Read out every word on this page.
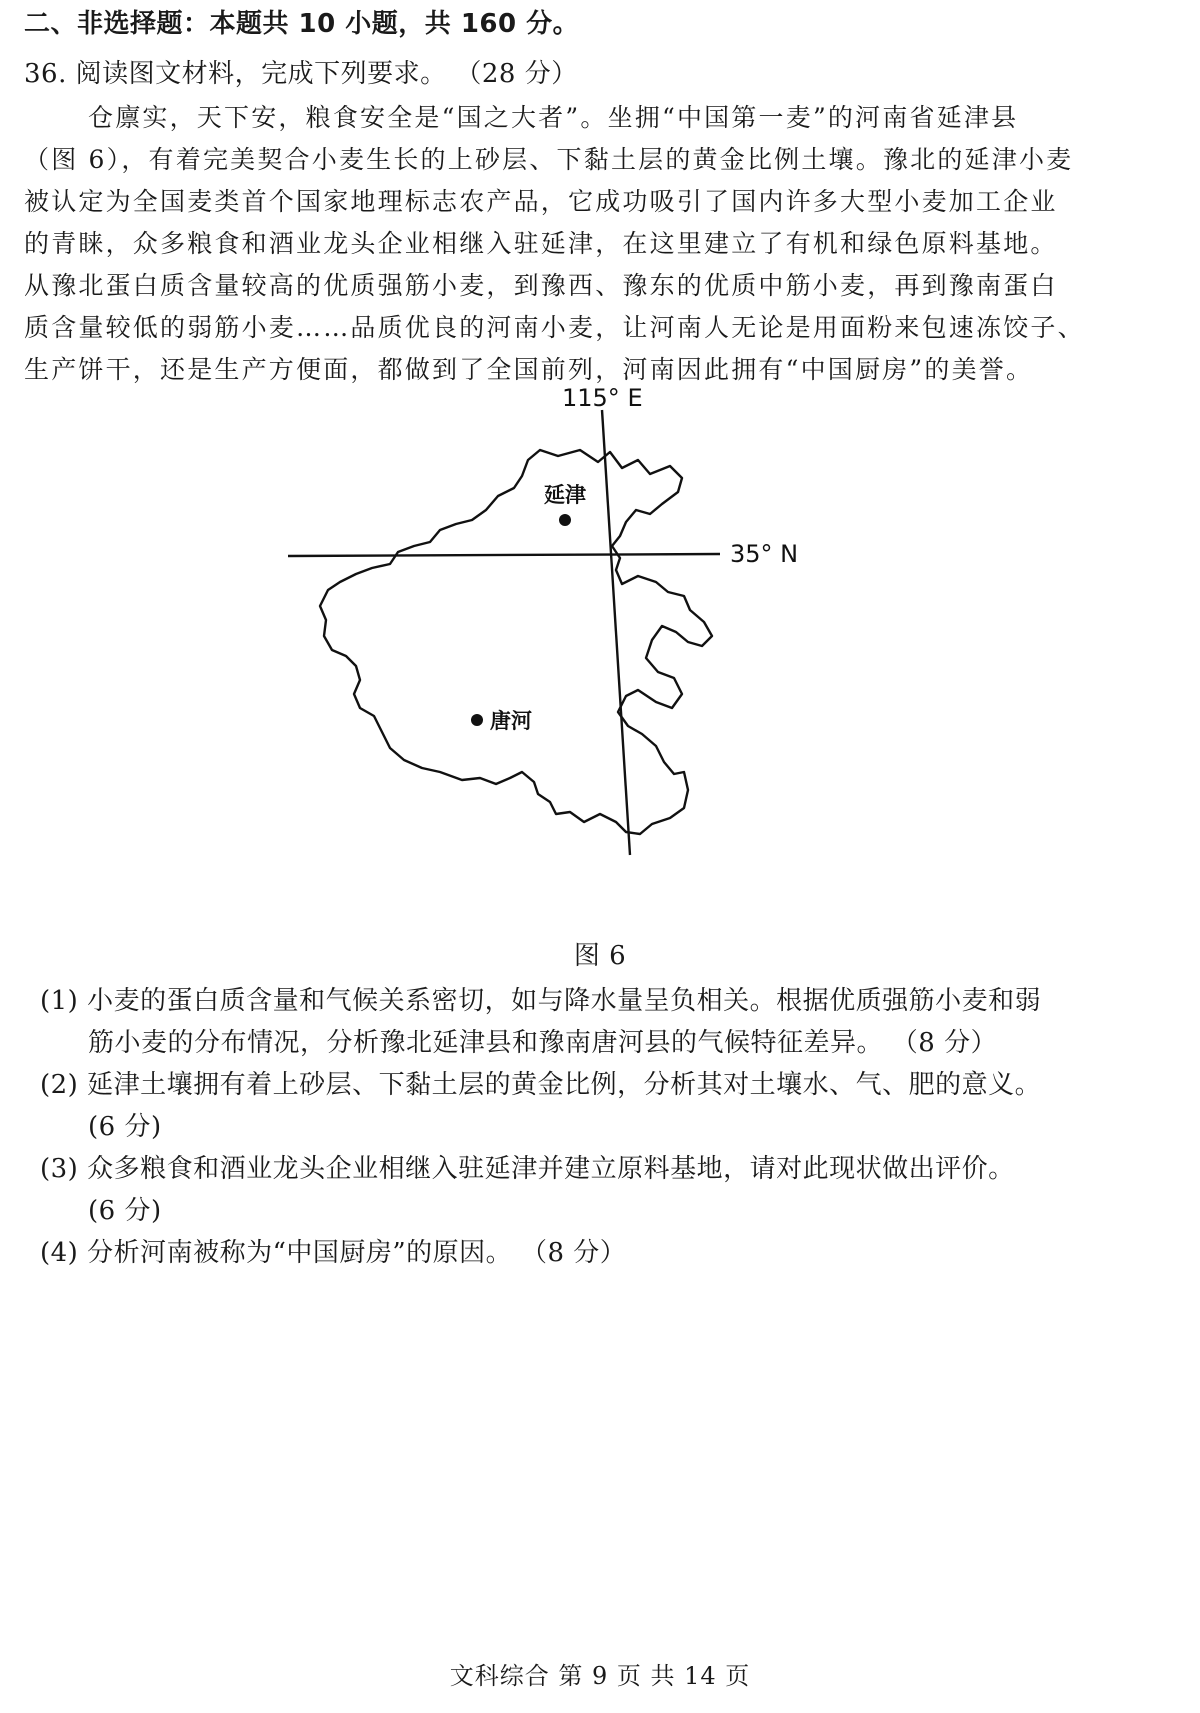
二、非选择题：本题共 10 小题，共 160 分。
36. 阅读图文材料，完成下列要求。 （28 分）
仓廪实，天下安，粮食安全是“国之大者”。坐拥“中国第一麦”的河南省延津县
（图 6），有着完美契合小麦生长的上砂层、下黏土层的黄金比例土壤。豫北的延津小麦
被认定为全国麦类首个国家地理标志农产品，它成功吸引了国内许多大型小麦加工企业
的青睐，众多粮食和酒业龙头企业相继入驻延津，在这里建立了有机和绿色原料基地。
从豫北蛋白质含量较高的优质强筋小麦，到豫西、豫东的优质中筋小麦，再到豫南蛋白
质含量较低的弱筋小麦……品质优良的河南小麦，让河南人无论是用面粉来包速冻饺子、
生产饼干，还是生产方便面，都做到了全国前列，河南因此拥有“中国厨房”的美誉。
115° E
35° N
延津
唐河
图 6
(1) 小麦的蛋白质含量和气候关系密切，如与降水量呈负相关。根据优质强筋小麦和弱
筋小麦的分布情况，分析豫北延津县和豫南唐河县的气候特征差异。 （8 分）
(2) 延津土壤拥有着上砂层、下黏土层的黄金比例，分析其对土壤水、气、肥的意义。
(6 分)
(3) 众多粮食和酒业龙头企业相继入驻延津并建立原料基地，请对此现状做出评价。
(6 分)
(4) 分析河南被称为“中国厨房”的原因。 （8 分）
文科综合 第 9 页 共 14 页
